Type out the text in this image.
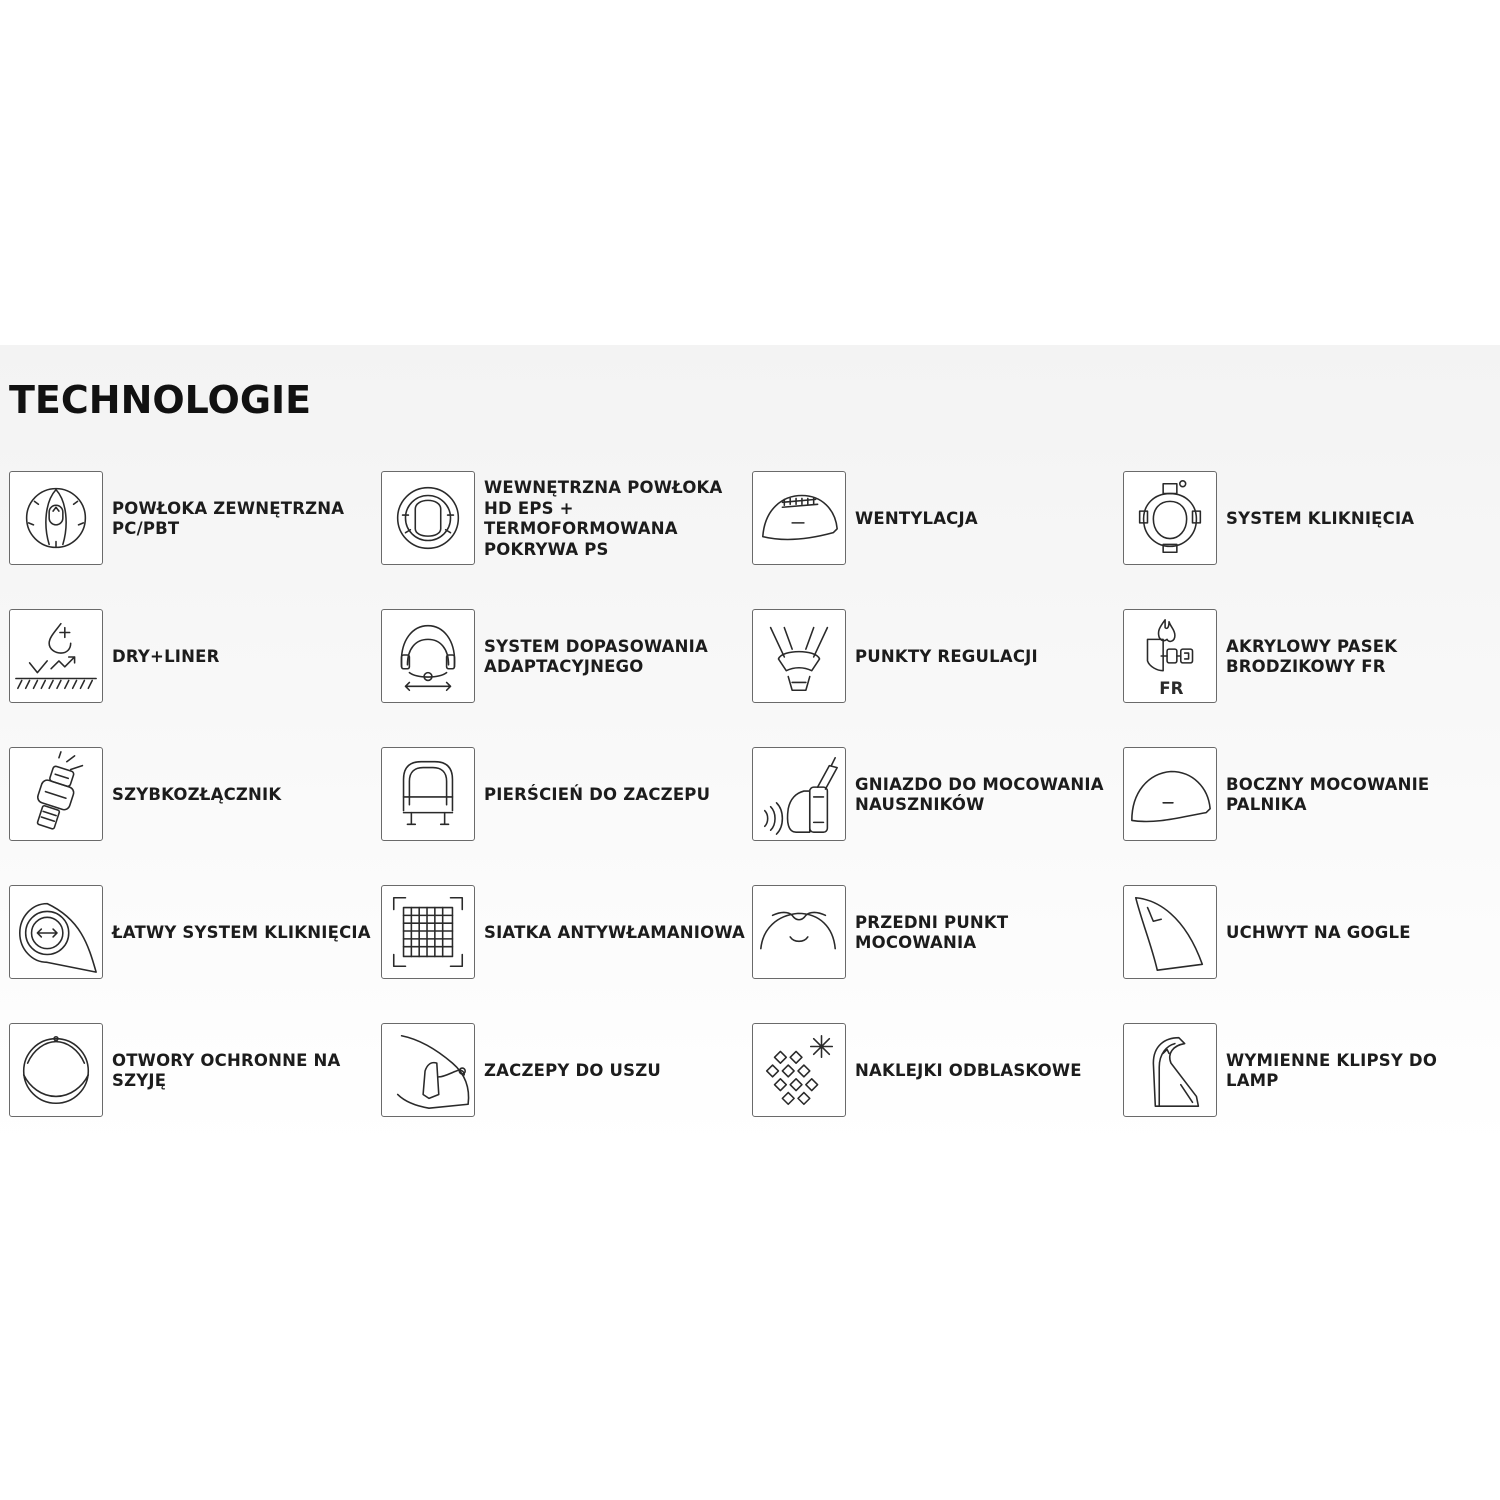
TECHNOLOGIE
POWŁOKA ZEWNĘTRZNA PC/PBT
WEWNĘTRZNA POWŁOKA HD EPS + TERMOFORMOWANA POKRYWA PS
WENTYLACJA	SYSTEM KLIKNIĘCIA
DRY+LINER
SYSTEM DOPASOWANIA ADAPTACYJNEGO
PUNKTY REGULACJI
FR
AKRYLOWY PASEK BRODZIKOWY FR
SZYBKOZŁĄCZNIK	PIERŚCIEŃ DO ZACZEPU
GNIAZDO DO MOCOWANIA NAUSZNIKÓW
BOCZNY MOCOWANIE PALNIKA
ŁATWY SYSTEM KLIKNIĘCIA	SIATKA ANTYWŁAMANIOWA
PRZEDNI PUNKT MOCOWANIA
UCHWYT NA GOGLE
OTWORY OCHRONNE NA SZYJĘ
ZACZEPY DO USZU	NAKLEJKI ODBLASKOWE
WYMIENNE KLIPSY DO LAMP
